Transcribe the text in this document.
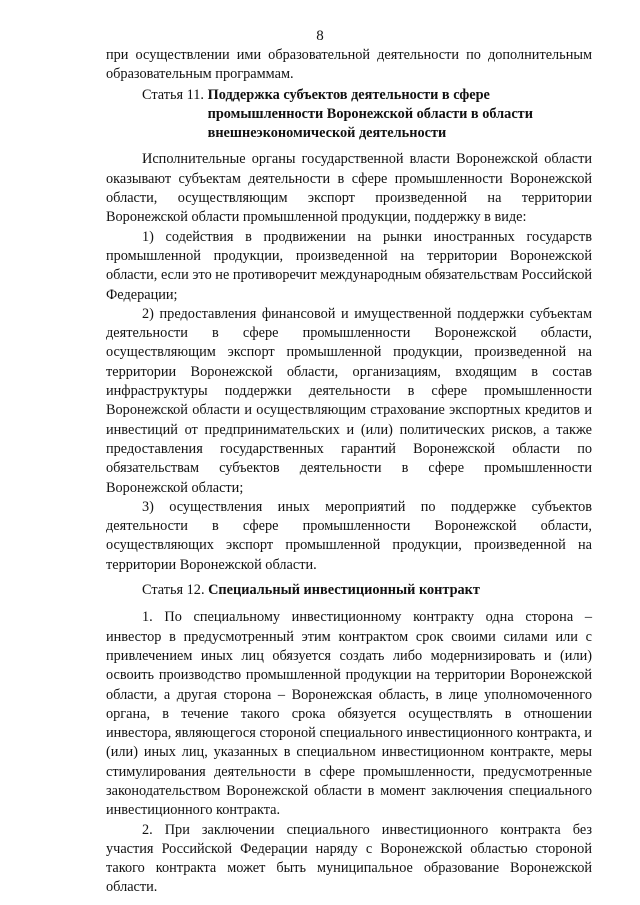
8

при осуществлении ими образовательной деятельности по дополнительным образовательным программам.

Статья 11. Поддержка субъектов деятельности в сфере промышленности Воронежской области в области внешнеэкономической деятельности

Исполнительные органы государственной власти Воронежской области оказывают субъектам деятельности в сфере промышленности Воронежской области, осуществляющим экспорт произведенной на территории Воронежской области промышленной продукции, поддержку в виде:

1) содействия в продвижении на рынки иностранных государств промышленной продукции, произведенной на территории Воронежской области, если это не противоречит международным обязательствам Российской Федерации;

2) предоставления финансовой и имущественной поддержки субъектам деятельности в сфере промышленности Воронежской области, осуществляющим экспорт промышленной продукции, произведенной на территории Воронежской области, организациям, входящим в состав инфраструктуры поддержки деятельности в сфере промышленности Воронежской области и осуществляющим страхование экспортных кредитов и инвестиций от предпринимательских и (или) политических рисков, а также предоставления государственных гарантий Воронежской области по обязательствам субъектов деятельности в сфере промышленности Воронежской области;

3) осуществления иных мероприятий по поддержке субъектов деятельности в сфере промышленности Воронежской области, осуществляющих экспорт промышленной продукции, произведенной на территории Воронежской области.

Статья 12. Специальный инвестиционный контракт

1. По специальному инвестиционному контракту одна сторона – инвестор в предусмотренный этим контрактом срок своими силами или с привлечением иных лиц обязуется создать либо модернизировать и (или) освоить производство промышленной продукции на территории Воронежской области, а другая сторона – Воронежская область, в лице уполномоченного органа, в течение такого срока обязуется осуществлять в отношении инвестора, являющегося стороной специального инвестиционного контракта, и (или) иных лиц, указанных в специальном инвестиционном контракте, меры стимулирования деятельности в сфере промышленности, предусмотренные законодательством Воронежской области в момент заключения специального инвестиционного контракта.

2. При заключении специального инвестиционного контракта без участия Российской Федерации наряду с Воронежской областью стороной такого контракта может быть муниципальное образование Воронежской области.
